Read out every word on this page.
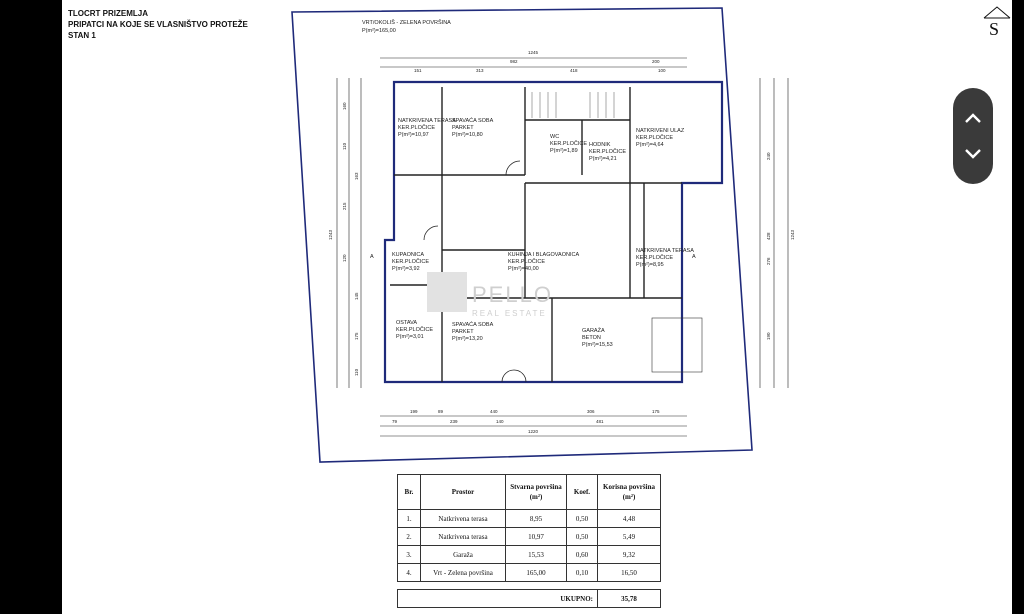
TLOCRT PRIZEMLJA
PRIPATCI NA KOJE SE VLASNIŠTVO PROTEŽE
STAN 1	S
PELLO
REAL ESTATE
VRT/OKOLIŠ - ZELENA POVRŠINA
P(m²)=165,00
NATKRIVENA TERASA
KER.PLOČICE
P(m²)=10,97
SPAVAĆA SOBA
PARKET
P(m²)=10,80	WC
KER.PLOČICE
P(m²)=1,89
HODNIK
KER.PLOČICE
P(m²)=4,21
NATKRIVENI ULAZ
KER.PLOČICE
P(m²)=4,64
KUPAONICA
KER.PLOČICE
P(m²)=3,92
KUHINJA I BLAGOVAONICA
KER.PLOČICE
P(m²)=40,00
NATKRIVENA TERASA
KER.PLOČICE
P(m²)=8,95
OSTAVA
KER.PLOČICE
P(m²)=3,01
SPAVAĆA SOBA
PARKET
P(m²)=13,20
GARAŽA
BETON
P(m²)=15,53
A	A
1245
982	200
151	313	418	100
199	89	440	306	175
1220
79	239	140	481
1243
160
110
215
120
163
145
175
110
1243
240
428
276
190
Br.	Prostor	Stvarna površina (m²)	Koef.	Korisna površina (m²)
1.	Natkrivena terasa	8,95	0,50	4,48
2.	Natkrivena terasa	10,97	0,50	5,49
3.	Garaža	15,53	0,60	9,32
4.	Vrt - Zelena površina	165,00	0,10	16,50

UKUPNO:				35,78
